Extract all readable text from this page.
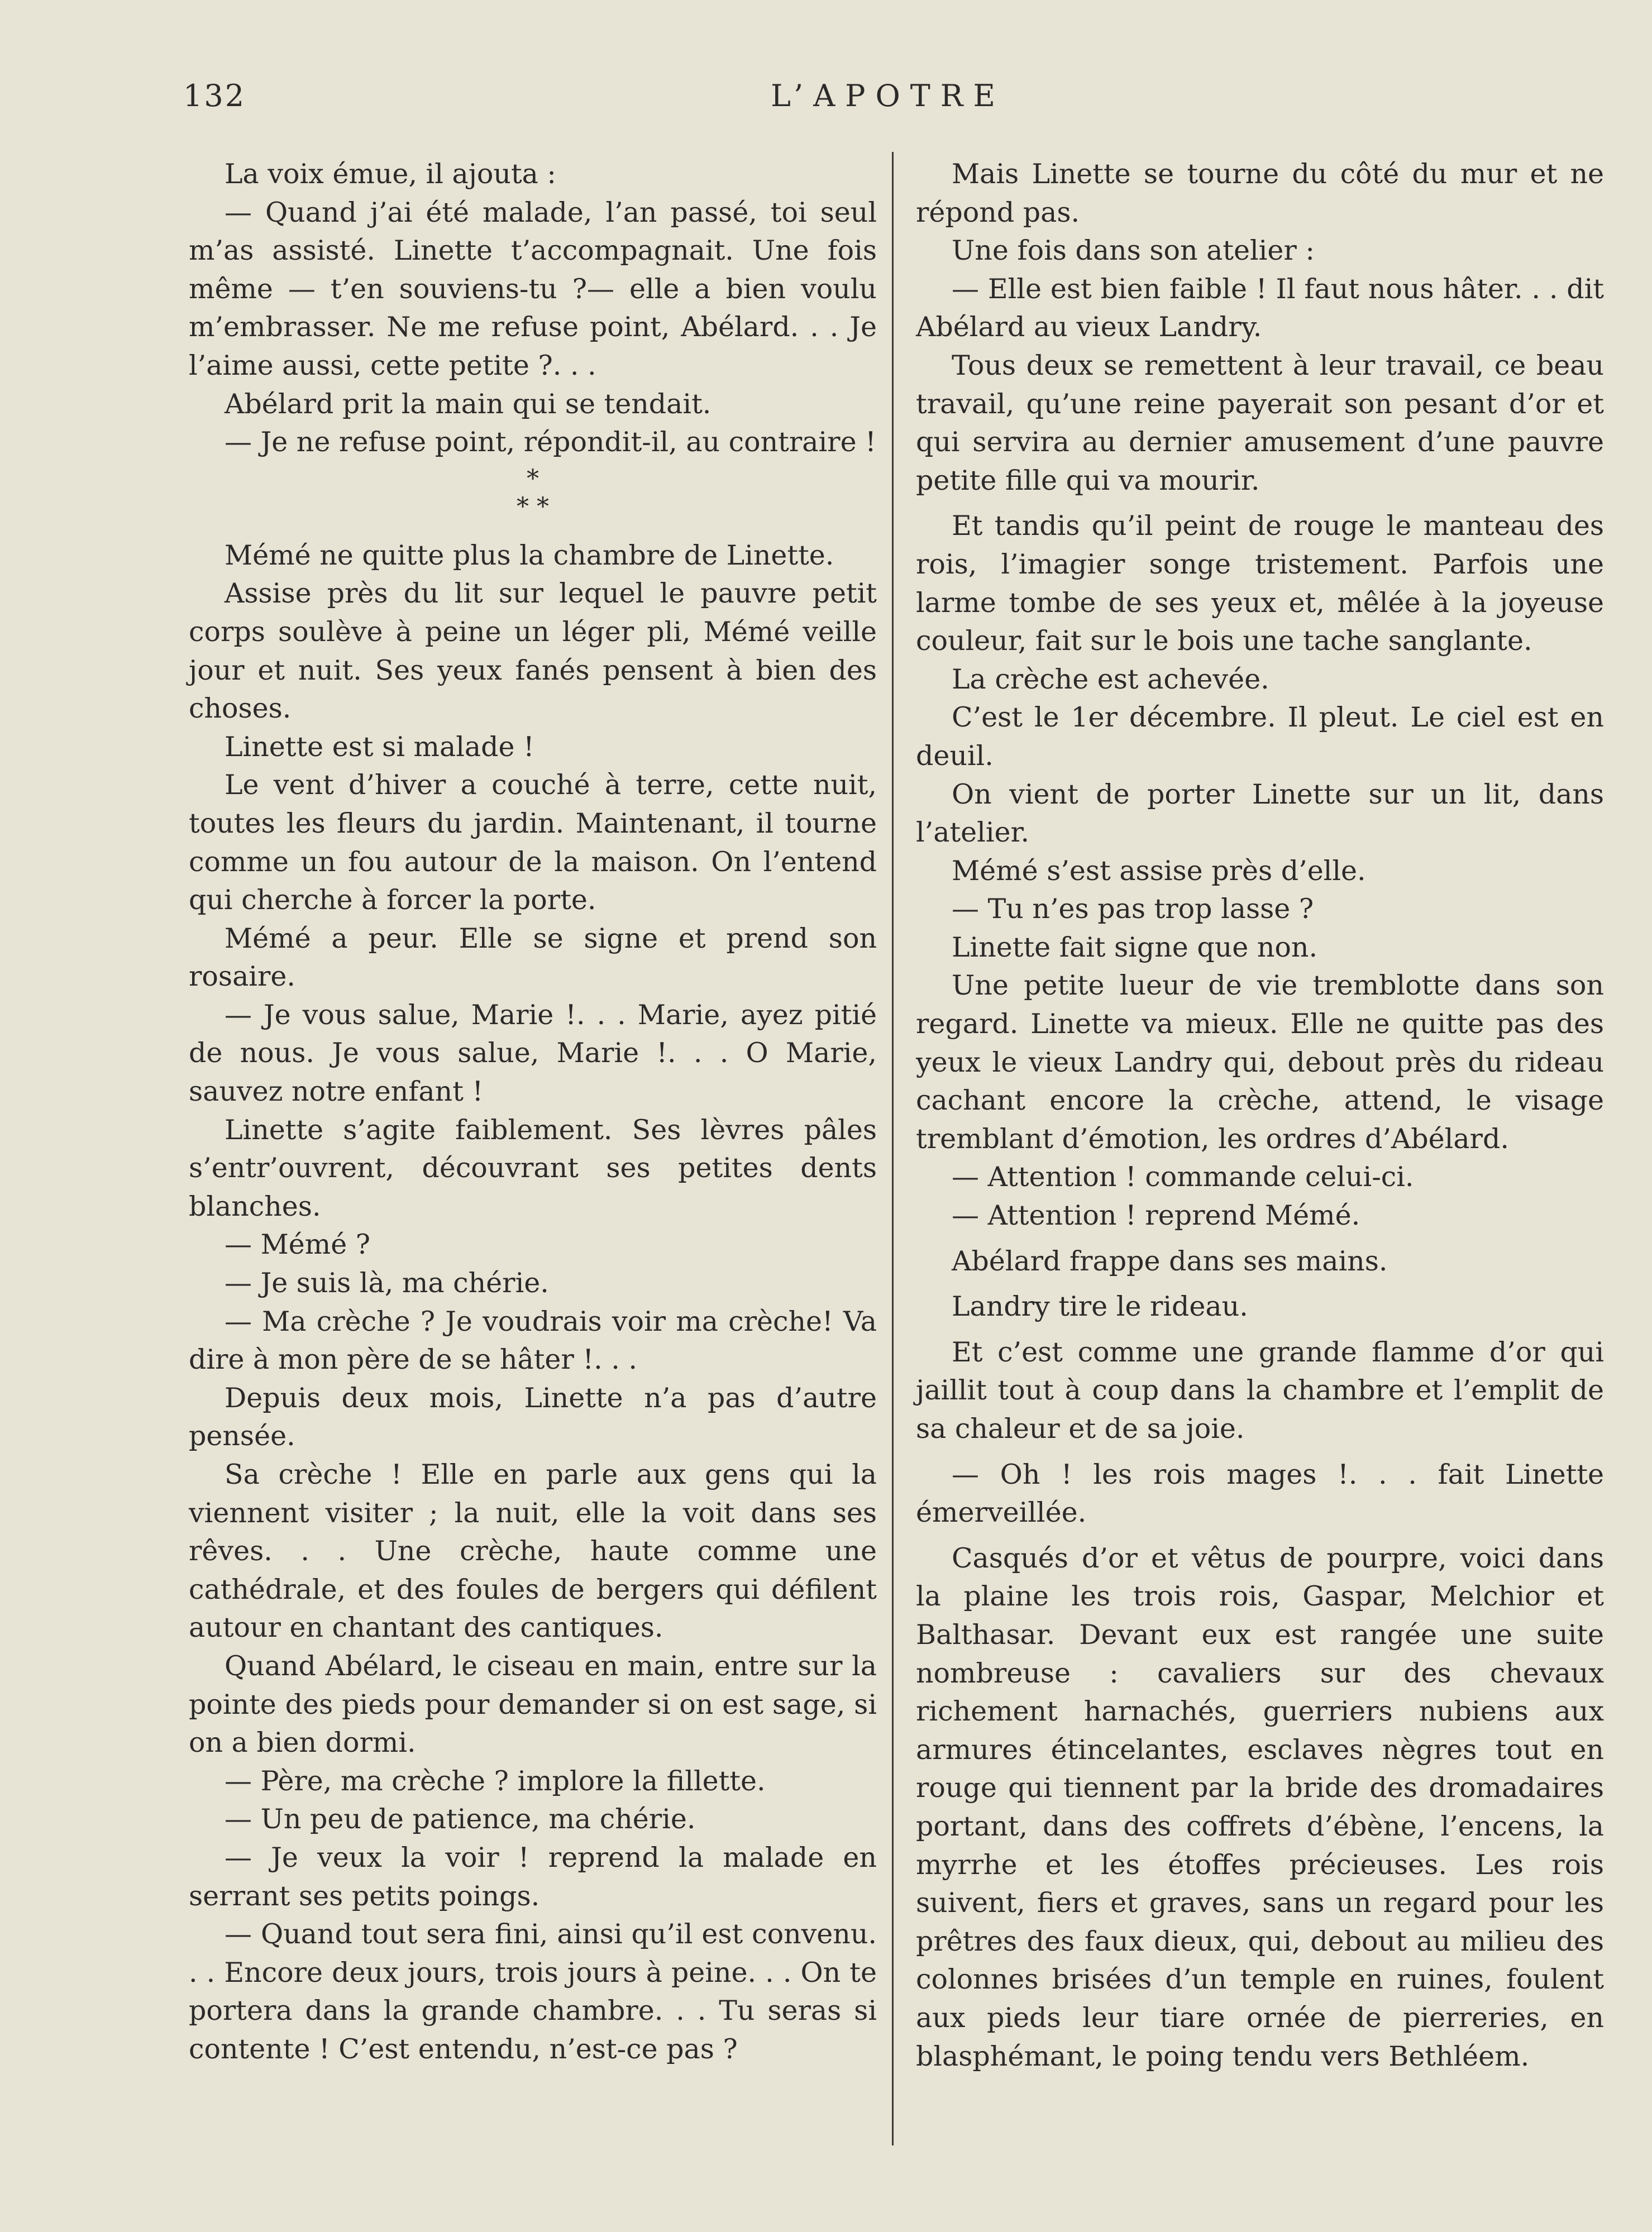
132	L’APOTRE

La voix émue, il ajouta :

— Quand j’ai été malade, l’an passé, toi seul m’as assisté. Linette t’accompagnait. Une fois même — t’en souviens-tu ?— elle a bien voulu m’embrasser. Ne me refuse point, Abélard. . . Je l’aime aussi, cette petite ?. . .

Abélard prit la main qui se tendait.

— Je ne refuse point, répondit-il, au contraire !

*
* *

Mémé ne quitte plus la chambre de Linette.

Assise près du lit sur lequel le pauvre petit corps soulève à peine un léger pli, Mémé veille jour et nuit. Ses yeux fanés pensent à bien des choses.

Linette est si malade !

Le vent d’hiver a couché à terre, cette nuit, toutes les fleurs du jardin. Maintenant, il tourne comme un fou autour de la maison. On l’entend qui cherche à forcer la porte.

Mémé a peur. Elle se signe et prend son rosaire.

— Je vous salue, Marie !. . . Marie, ayez pitié de nous. Je vous salue, Marie !. . . O Marie, sauvez notre enfant !

Linette s’agite faiblement. Ses lèvres pâles s’entr’ouvrent, découvrant ses petites dents blanches.

— Mémé ?

— Je suis là, ma chérie.

— Ma crèche ? Je voudrais voir ma crèche! Va dire à mon père de se hâter !. . .

Depuis deux mois, Linette n’a pas d’autre pensée.

Sa crèche ! Elle en parle aux gens qui la viennent visiter ; la nuit, elle la voit dans ses rêves. . . Une crèche, haute comme une cathédrale, et des foules de bergers qui défilent autour en chantant des cantiques.

Quand Abélard, le ciseau en main, entre sur la pointe des pieds pour demander si on est sage, si on a bien dormi.

— Père, ma crèche ? implore la fillette.

— Un peu de patience, ma chérie.

— Je veux la voir ! reprend la malade en serrant ses petits poings.

— Quand tout sera fini, ainsi qu’il est convenu. . . Encore deux jours, trois jours à peine. . . On te portera dans la grande chambre. . . Tu seras si contente ! C’est entendu, n’est-ce pas ?

Mais Linette se tourne du côté du mur et ne répond pas.

Une fois dans son atelier :

— Elle est bien faible ! Il faut nous hâter. . . dit Abélard au vieux Landry.

Tous deux se remettent à leur travail, ce beau travail, qu’une reine payerait son pesant d’or et qui servira au dernier amusement d’une pauvre petite fille qui va mourir.

Et tandis qu’il peint de rouge le manteau des rois, l’imagier songe tristement. Parfois une larme tombe de ses yeux et, mêlée à la joyeuse couleur, fait sur le bois une tache sanglante.

La crèche est achevée.

C’est le 1er décembre. Il pleut. Le ciel est en deuil.

On vient de porter Linette sur un lit, dans l’atelier.

Mémé s’est assise près d’elle.

— Tu n’es pas trop lasse ?

Linette fait signe que non.

Une petite lueur de vie tremblotte dans son regard. Linette va mieux. Elle ne quitte pas des yeux le vieux Landry qui, debout près du rideau cachant encore la crèche, attend, le visage tremblant d’émotion, les ordres d’Abélard.

— Attention ! commande celui-ci.

— Attention ! reprend Mémé.

Abélard frappe dans ses mains.

Landry tire le rideau.

Et c’est comme une grande flamme d’or qui jaillit tout à coup dans la chambre et l’emplit de sa chaleur et de sa joie.

— Oh ! les rois mages !. . . fait Linette émerveillée.

Casqués d’or et vêtus de pourpre, voici dans la plaine les trois rois, Gaspar, Melchior et Balthasar. Devant eux est rangée une suite nombreuse : cavaliers sur des chevaux richement harnachés, guerriers nubiens aux armures étincelantes, esclaves nègres tout en rouge qui tiennent par la bride des dromadaires portant, dans des coffrets d’ébène, l’encens, la myrrhe et les étoffes précieuses. Les rois suivent, fiers et graves, sans un regard pour les prêtres des faux dieux, qui, debout au milieu des colonnes brisées d’un temple en ruines, foulent aux pieds leur tiare ornée de pierreries, en blasphémant, le poing tendu vers Bethléem.
